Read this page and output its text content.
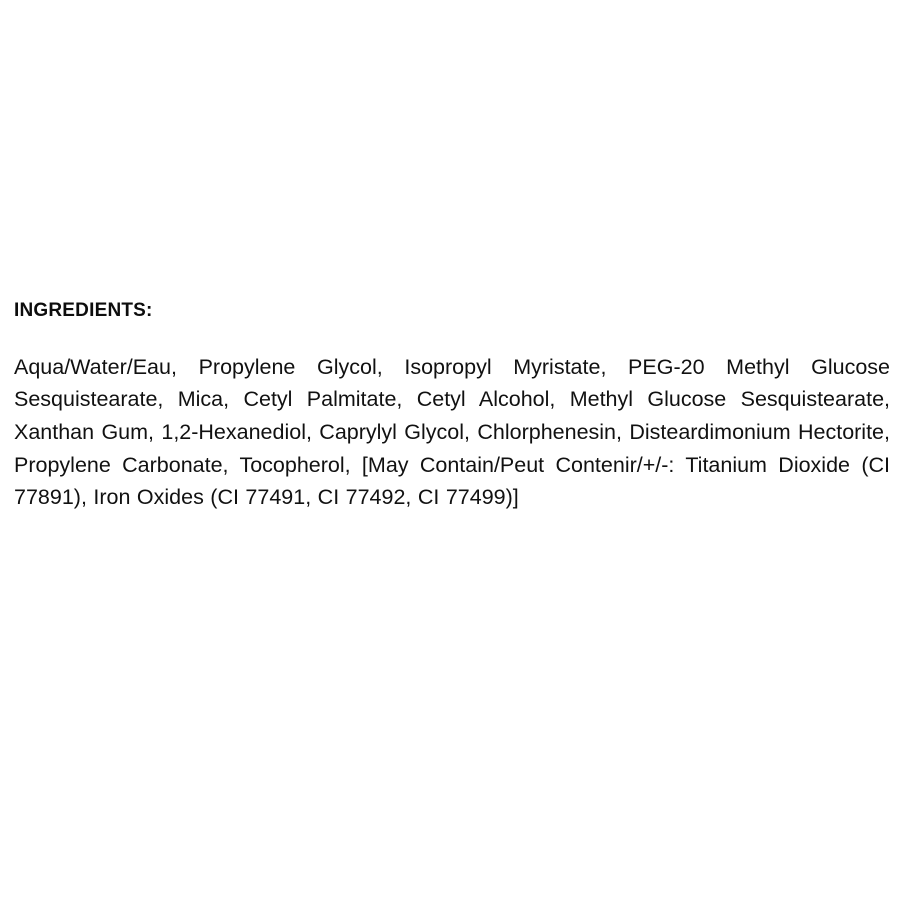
INGREDIENTS:

Aqua/Water/Eau, Propylene Glycol, Isopropyl Myristate, PEG-20 Methyl Glucose Sesquistearate, Mica, Cetyl Palmitate, Cetyl Alcohol, Methyl Glucose Sesquistearate, Xanthan Gum, 1,2-Hexanediol, Caprylyl Glycol, Chlorphenesin, Disteardimonium Hectorite, Propylene Carbonate, Tocopherol, [May Contain/Peut Contenir/+/-: Titanium Dioxide (CI 77891), Iron Oxides (CI 77491, CI 77492, CI 77499)]
